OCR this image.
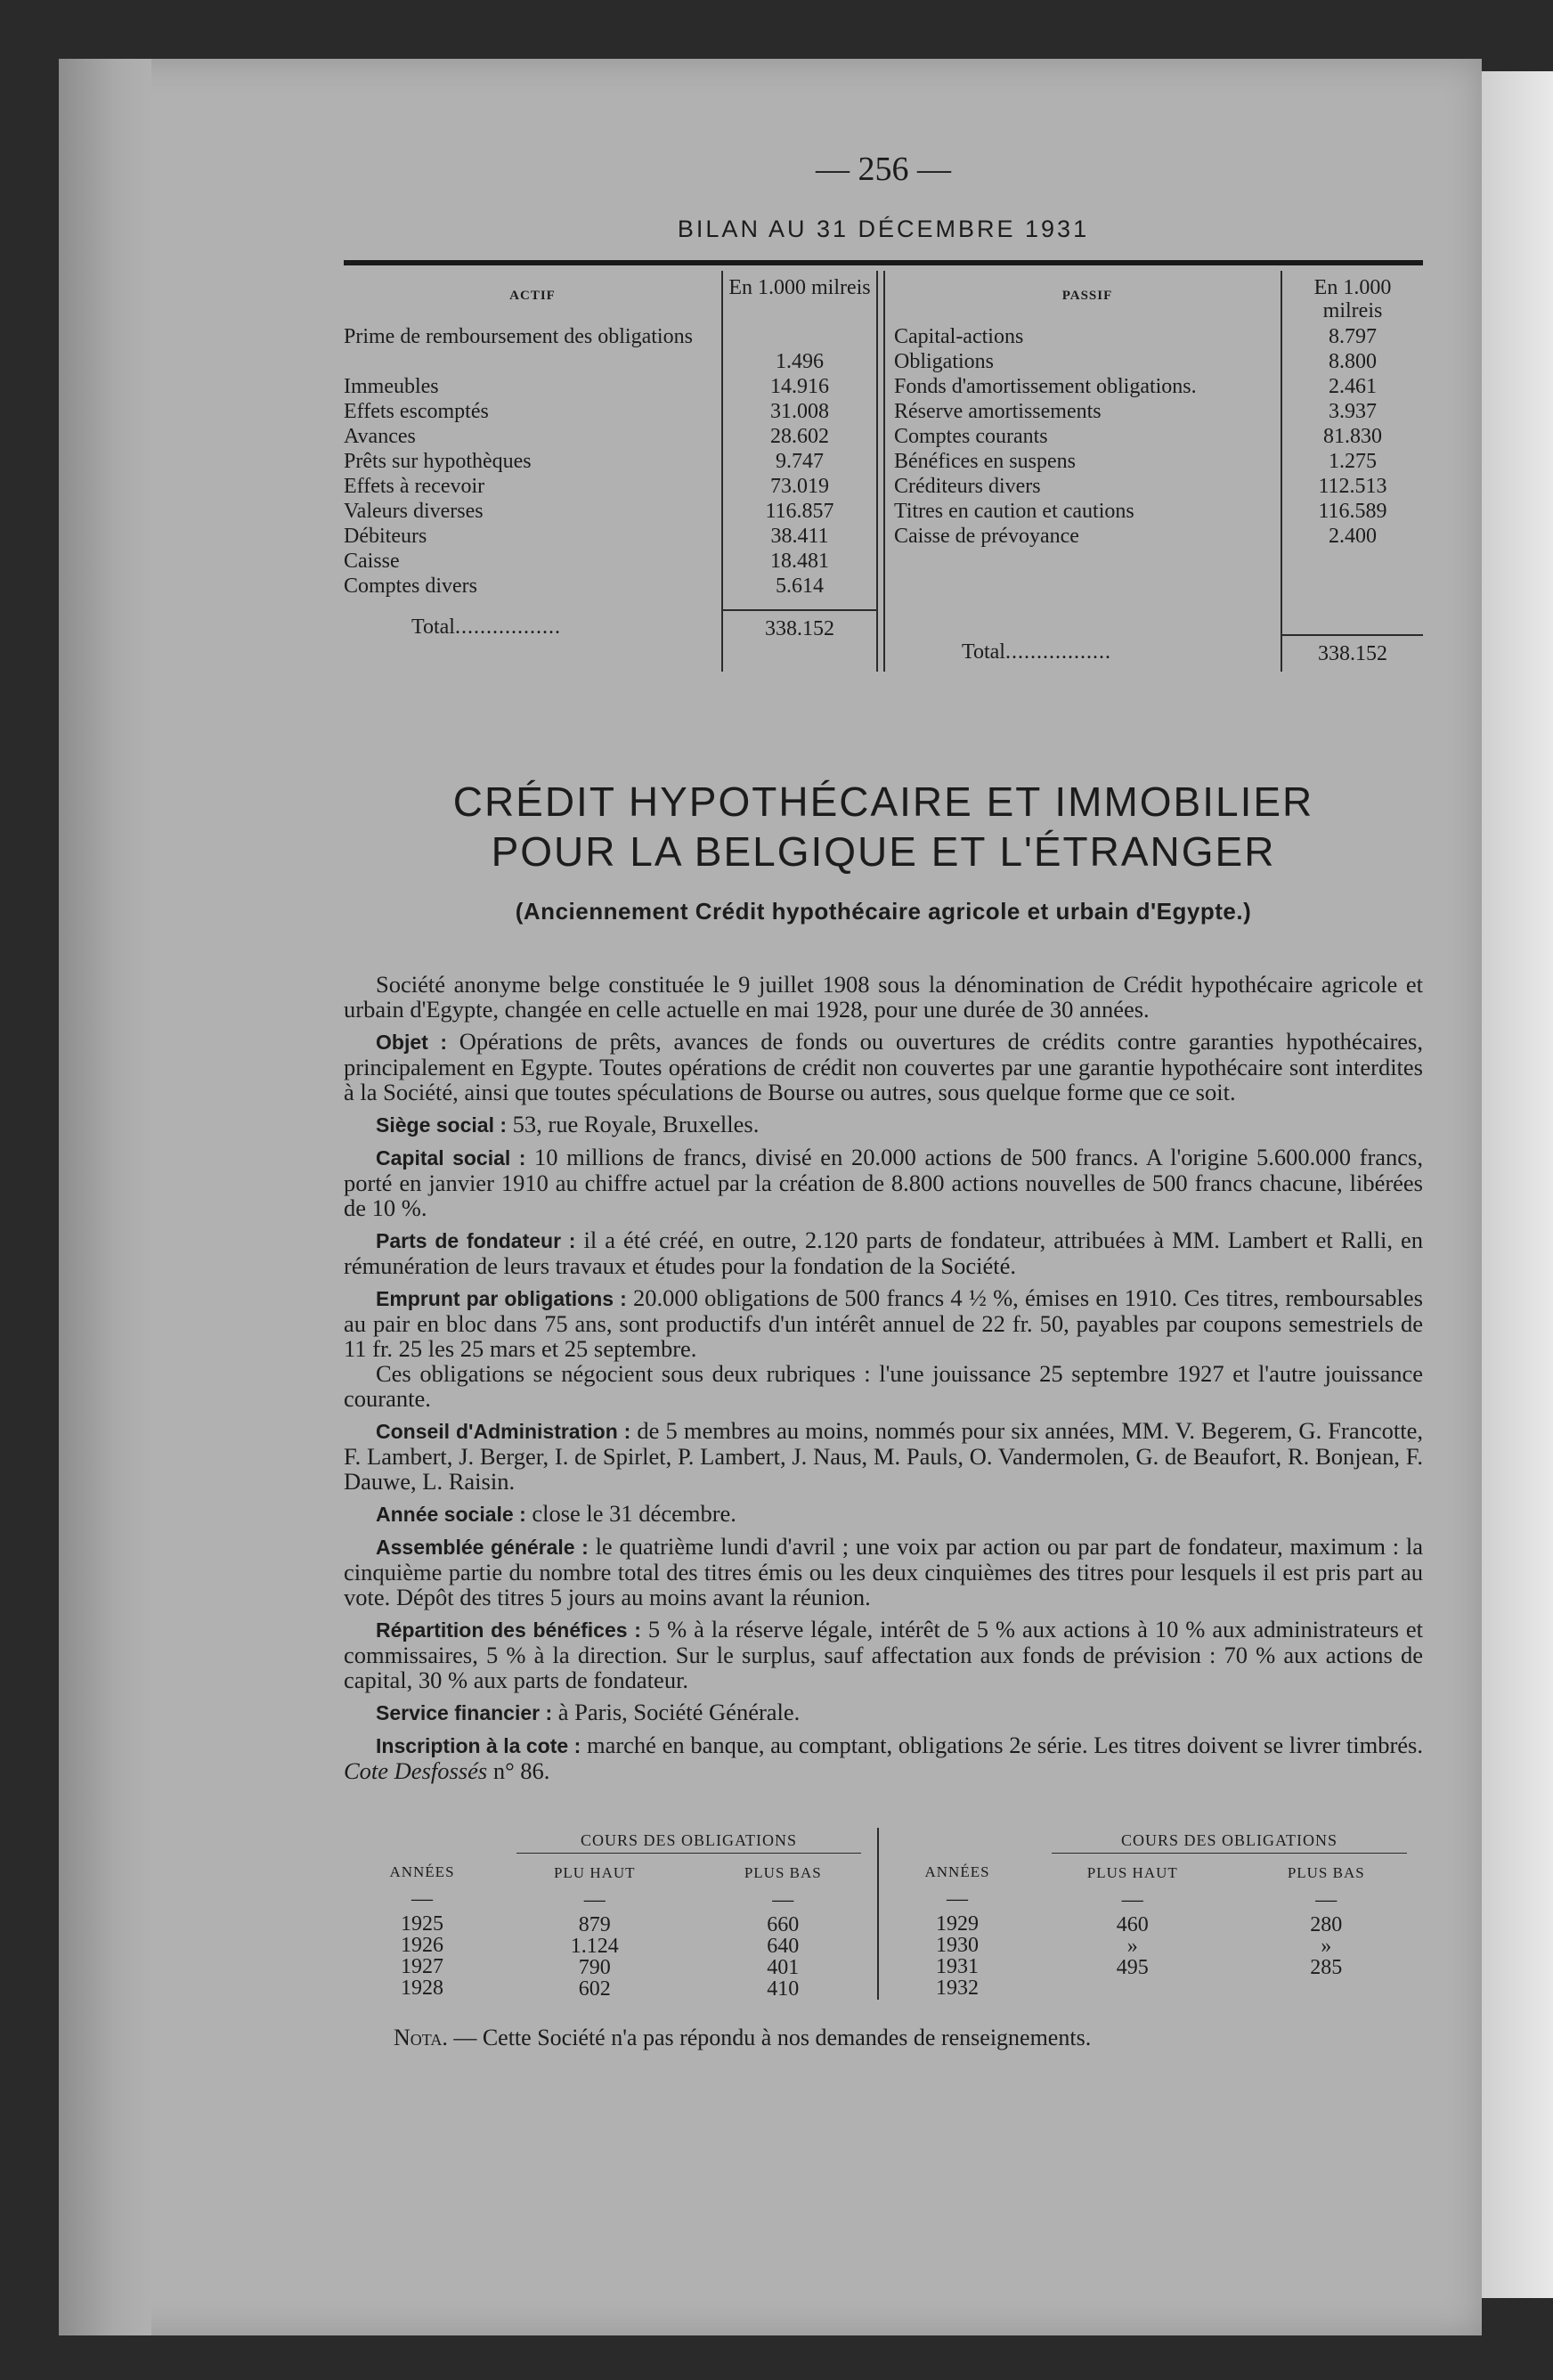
— 256 —
BILAN AU 31 DÉCEMBRE 1931
ACTIF
Prime de remboursement des obligations
Immeubles
Effets escomptés
Avances
Prêts sur hypothèques
Effets à recevoir
Valeurs diverses
Débiteurs
Caisse
Comptes divers
Total .................
En 1.000 milreis
1.496
14.916
31.008
28.602
9.747
73.019
116.857
38.411
18.481
5.614
338.152
PASSIF
Capital-actions
Obligations
Fonds d'amortissement obligations.
Réserve amortissements
Comptes courants
Bénéfices en suspens
Créditeurs divers
Titres en caution et cautions
Caisse de prévoyance
Total .................
En 1.000 milreis
8.797
8.800
2.461
3.937
81.830
1.275
112.513
116.589
2.400
338.152
CRÉDIT HYPOTHÉCAIRE ET IMMOBILIER
POUR LA BELGIQUE ET L'ÉTRANGER
(Anciennement Crédit hypothécaire agricole et urbain d'Egypte.)

Société anonyme belge constituée le 9 juillet 1908 sous la dénomination de Crédit hypothécaire agricole et urbain d'Egypte, changée en celle actuelle en mai 1928, pour une durée de 30 années.

Objet : Opérations de prêts, avances de fonds ou ouvertures de crédits contre garanties hypothécaires, principalement en Egypte. Toutes opérations de crédit non couvertes par une garantie hypothécaire sont interdites à la Société, ainsi que toutes spéculations de Bourse ou autres, sous quelque forme que ce soit.

Siège social : 53, rue Royale, Bruxelles.

Capital social : 10 millions de francs, divisé en 20.000 actions de 500 francs. A l'origine 5.600.000 francs, porté en janvier 1910 au chiffre actuel par la création de 8.800 actions nouvelles de 500 francs chacune, libérées de 10 %.

Parts de fondateur : il a été créé, en outre, 2.120 parts de fondateur, attribuées à MM. Lambert et Ralli, en rémunération de leurs travaux et études pour la fondation de la Société.

Emprunt par obligations : 20.000 obligations de 500 francs 4 ½ %, émises en 1910. Ces titres, remboursables au pair en bloc dans 75 ans, sont productifs d'un intérêt annuel de 22 fr. 50, payables par coupons semestriels de 11 fr. 25 les 25 mars et 25 septembre.

Ces obligations se négocient sous deux rubriques : l'une jouissance 25 septembre 1927 et l'autre jouissance courante.

Conseil d'Administration : de 5 membres au moins, nommés pour six années, MM. V. Begerem, G. Francotte, F. Lambert, J. Berger, I. de Spirlet, P. Lambert, J. Naus, M. Pauls, O. Vandermolen, G. de Beaufort, R. Bonjean, F. Dauwe, L. Raisin.

Année sociale : close le 31 décembre.

Assemblée générale : le quatrième lundi d'avril ; une voix par action ou par part de fondateur, maximum : la cinquième partie du nombre total des titres émis ou les deux cinquièmes des titres pour lesquels il est pris part au vote. Dépôt des titres 5 jours au moins avant la réunion.

Répartition des bénéfices : 5 % à la réserve légale, intérêt de 5 % aux actions à 10 % aux administrateurs et commissaires, 5 % à la direction. Sur le surplus, sauf affectation aux fonds de prévision : 70 % aux actions de capital, 30 % aux parts de fondateur.

Service financier : à Paris, Société Générale.

Inscription à la cote : marché en banque, au comptant, obligations 2e série. Les titres doivent se livrer timbrés. Cote Desfossés n° 86.

ANNÉES
—
1925
1926
1927
1928
COURS DES OBLIGATIONS
PLU HAUT
—
879
1.124
790
602
PLUS BAS
—
660
640
401
410
ANNÉES
—
1929
1930
1931
1932
COURS DES OBLIGATIONS
PLUS HAUT
—
460
»
495
PLUS BAS
—
280
»
285
Nota. — Cette Société n'a pas répondu à nos demandes de renseignements.
